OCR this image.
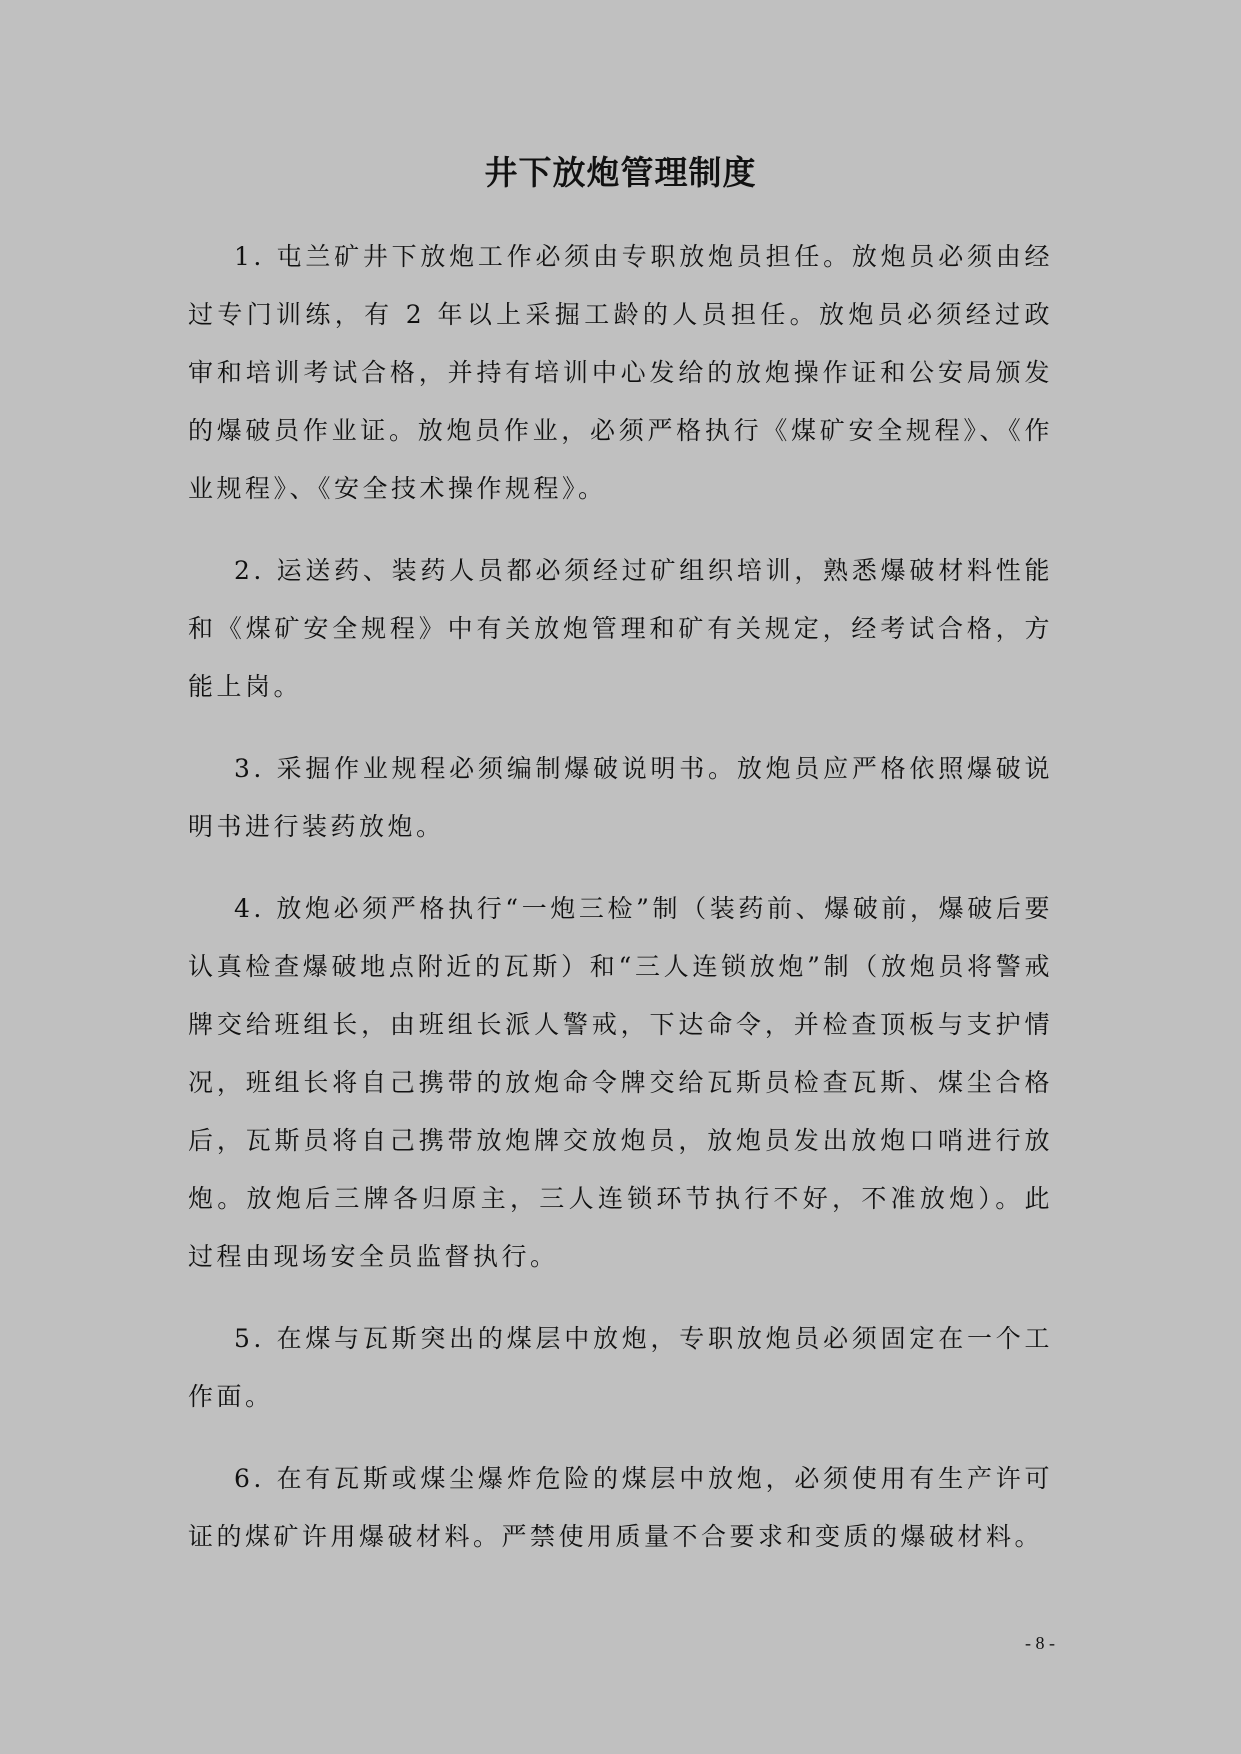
井下放炮管理制度

1. 屯兰矿井下放炮工作必须由专职放炮员担任。放炮员必须由经过专门训练，有 2 年以上采掘工龄的人员担任。放炮员必须经过政审和培训考试合格，并持有培训中心发给的放炮操作证和公安局颁发的爆破员作业证。放炮员作业，必须严格执行《煤矿安全规程》、《作业规程》、《安全技术操作规程》。

2. 运送药、装药人员都必须经过矿组织培训，熟悉爆破材料性能和《煤矿安全规程》中有关放炮管理和矿有关规定，经考试合格，方能上岗。

3. 采掘作业规程必须编制爆破说明书。放炮员应严格依照爆破说明书进行装药放炮。

4. 放炮必须严格执行“一炮三检”制（装药前、爆破前，爆破后要认真检查爆破地点附近的瓦斯）和“三人连锁放炮”制（放炮员将警戒牌交给班组长，由班组长派人警戒，下达命令，并检查顶板与支护情况，班组长将自己携带的放炮命令牌交给瓦斯员检查瓦斯、煤尘合格后，瓦斯员将自己携带放炮牌交放炮员，放炮员发出放炮口哨进行放炮。放炮后三牌各归原主，三人连锁环节执行不好，不准放炮）。此过程由现场安全员监督执行。

5. 在煤与瓦斯突出的煤层中放炮，专职放炮员必须固定在一个工作面。

6. 在有瓦斯或煤尘爆炸危险的煤层中放炮，必须使用有生产许可证的煤矿许用爆破材料。严禁使用质量不合要求和变质的爆破材料。

- 8 -
